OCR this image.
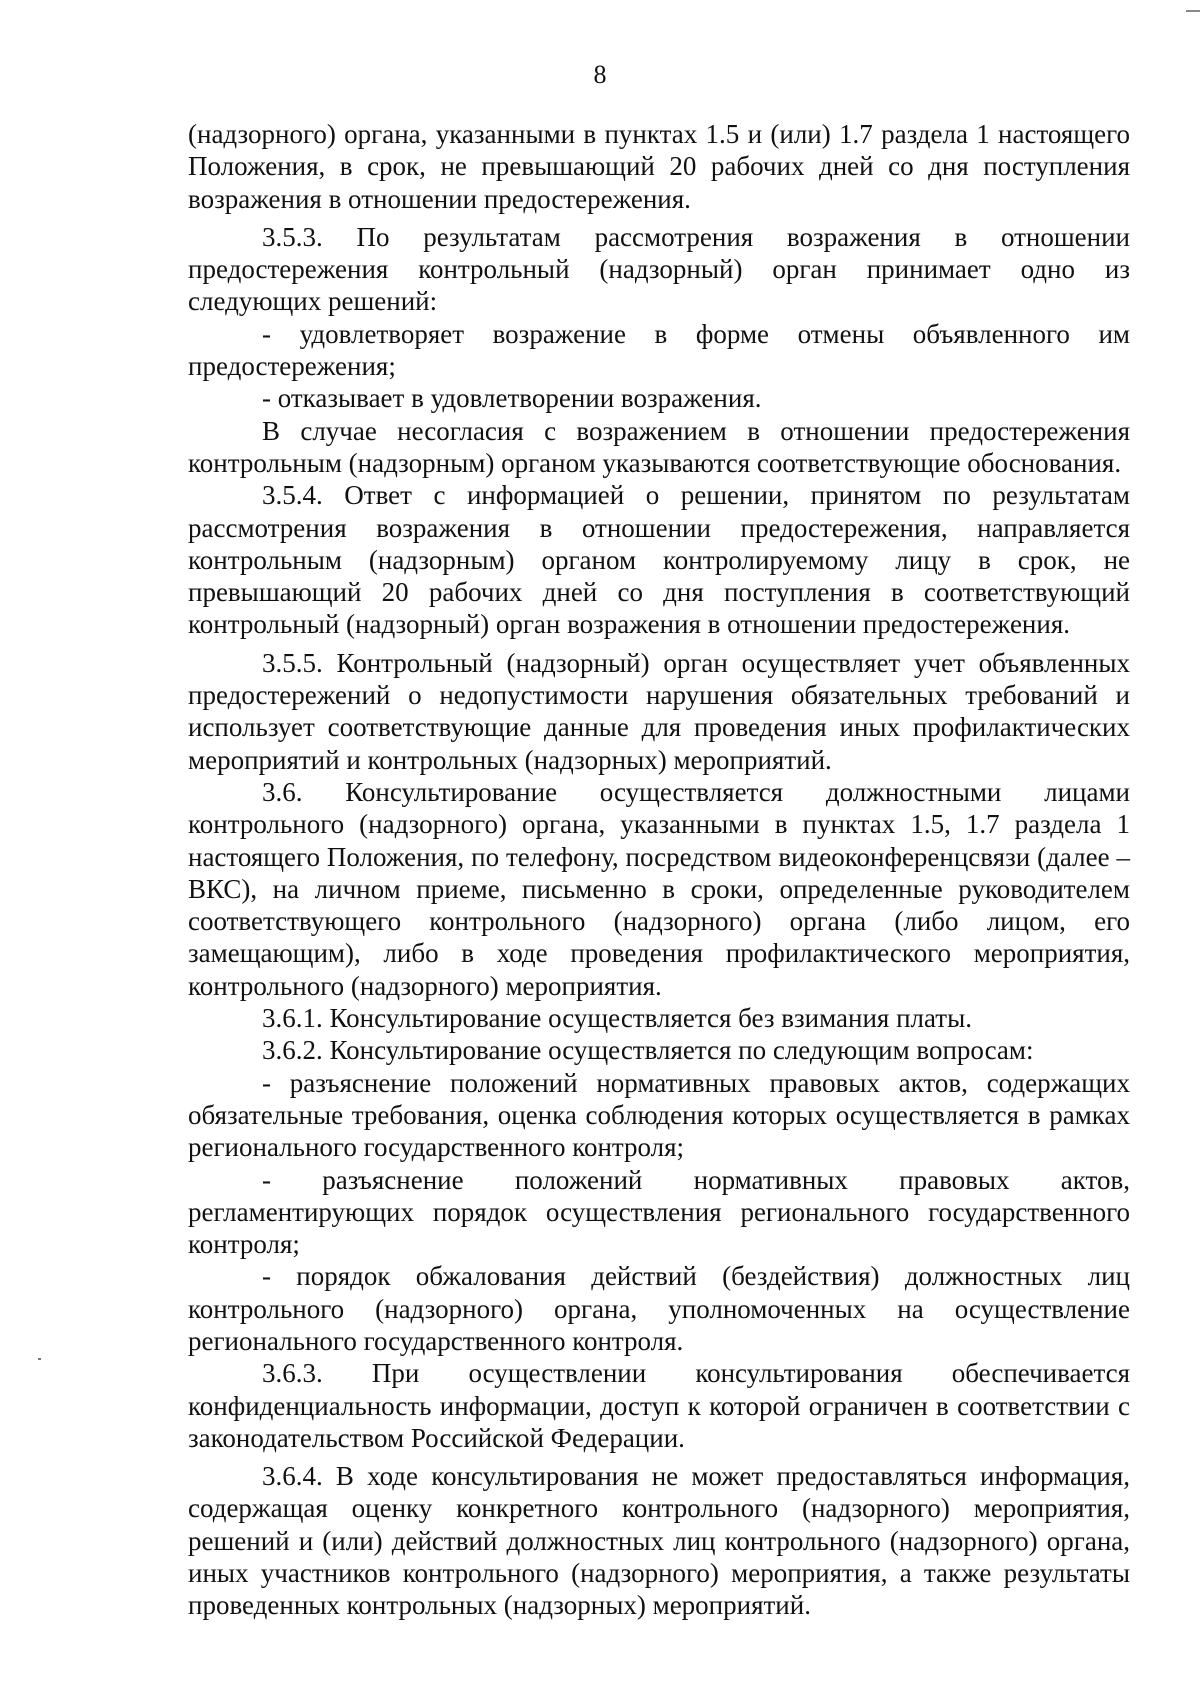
8

(надзорного) органа, указанными в пунктах 1.5 и (или) 1.7 раздела 1 настоящего Положения, в срок, не превышающий 20 рабочих дней со дня поступления возражения в отношении предостережения.

3.5.3. По результатам рассмотрения возражения в отношении предостережения контрольный (надзорный) орган принимает одно из следующих решений:

- удовлетворяет возражение в форме отмены объявленного им предостережения;

- отказывает в удовлетворении возражения.

В случае несогласия с возражением в отношении предостережения контрольным (надзорным) органом указываются соответствующие обоснования.

3.5.4. Ответ с информацией о решении, принятом по результатам рассмотрения возражения в отношении предостережения, направляется контрольным (надзорным) органом контролируемому лицу в срок, не превышающий 20 рабочих дней со дня поступления в соответствующий контрольный (надзорный) орган возражения в отношении предостережения.

3.5.5. Контрольный (надзорный) орган осуществляет учет объявленных предостережений о недопустимости нарушения обязательных требований и использует соответствующие данные для проведения иных профилактических мероприятий и контрольных (надзорных) мероприятий.

3.6. Консультирование осуществляется должностными лицами контрольного (надзорного) органа, указанными в пунктах 1.5, 1.7 раздела 1 настоящего Положения, по телефону, посредством видеоконференцсвязи (далее – ВКС), на личном приеме, письменно в сроки, определенные руководителем соответствующего контрольного (надзорного) органа (либо лицом, его замещающим), либо в ходе проведения профилактического мероприятия, контрольного (надзорного) мероприятия.

3.6.1. Консультирование осуществляется без взимания платы.

3.6.2. Консультирование осуществляется по следующим вопросам:

- разъяснение положений нормативных правовых актов, содержащих обязательные требования, оценка соблюдения которых осуществляется в рамках регионального государственного контроля;

- разъяснение положений нормативных правовых актов, регламентирующих порядок осуществления регионального государственного контроля;

- порядок обжалования действий (бездействия) должностных лиц контрольного (надзорного) органа, уполномоченных на осуществление регионального государственного контроля.

3.6.3. При осуществлении консультирования обеспечивается конфиденциальность информации, доступ к которой ограничен в соответствии с законодательством Российской Федерации.

3.6.4. В ходе консультирования не может предоставляться информация, содержащая оценку конкретного контрольного (надзорного) мероприятия, решений и (или) действий должностных лиц контрольного (надзорного) органа, иных участников контрольного (надзорного) мероприятия, а также результаты проведенных контрольных (надзорных) мероприятий.
